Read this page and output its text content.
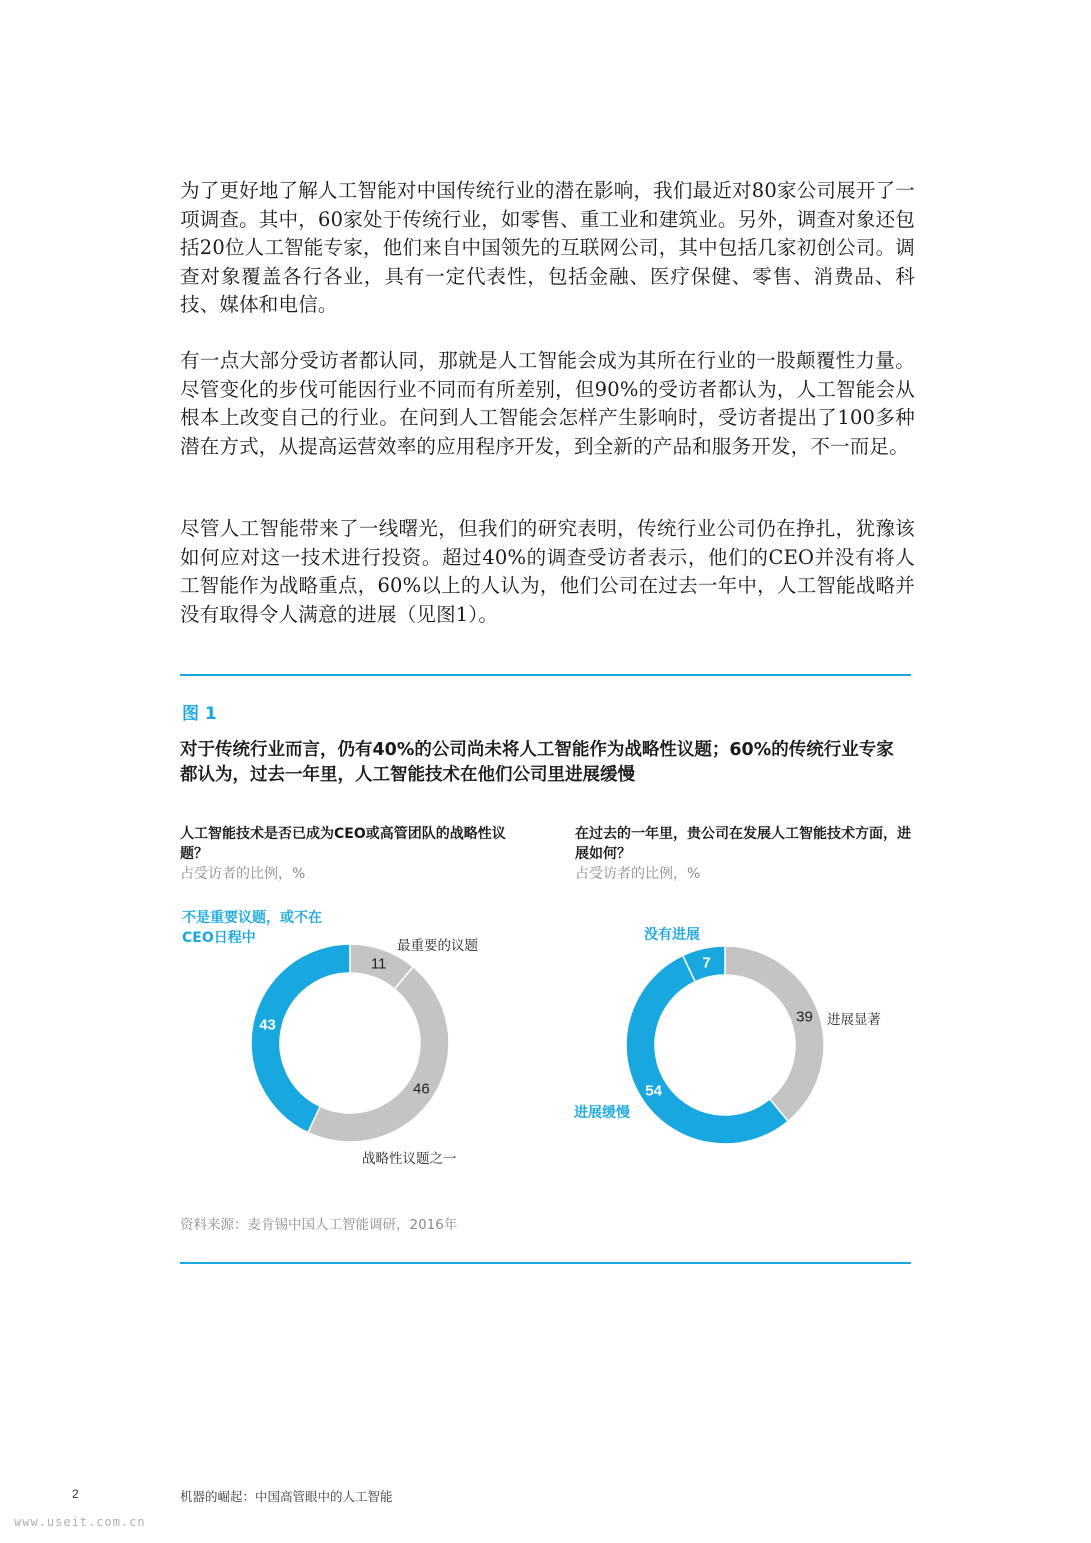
为了更好地了解人工智能对中国传统行业的潜在影响，我们最近对80家公司展开了一项调查。其中，60家处于传统行业，如零售、重工业和建筑业。另外，调查对象还包括20位人工智能专家，他们来自中国领先的互联网公司，其中包括几家初创公司。调查对象覆盖各行各业，具有一定代表性，包括金融、医疗保健、零售、消费品、科技、媒体和电信。

有一点大部分受访者都认同，那就是人工智能会成为其所在行业的一股颠覆性力量。尽管变化的步伐可能因行业不同而有所差别，但90%的受访者都认为，人工智能会从根本上改变自己的行业。在问到人工智能会怎样产生影响时，受访者提出了100多种潜在方式，从提高运营效率的应用程序开发，到全新的产品和服务开发，不一而足。

尽管人工智能带来了一线曙光，但我们的研究表明，传统行业公司仍在挣扎，犹豫该如何应对这一技术进行投资。超过40%的调查受访者表示，他们的CEO并没有将人工智能作为战略重点，60%以上的人认为，他们公司在过去一年中，人工智能战略并没有取得令人满意的进展（见图1）。

图 1

对于传统行业而言，仍有40%的公司尚未将人工智能作为战略性议题；60%的传统行业专家都认为，过去一年里，人工智能技术在他们公司里进展缓慢

人工智能技术是否已成为CEO或高管团队的战略性议题？

占受访者的比例，%

不是重要议题，或不在CEO日程中	最重要的议题
战略性议题之一
11
46
43

在过去的一年里，贵公司在发展人工智能技术方面，进展如何？

占受访者的比例，%
没有进展
进展显著
进展缓慢
39
54
7
资料来源：麦肯锡中国人工智能调研，2016年
2	机器的崛起：中国高管眼中的人工智能
www.useit.com.cn
